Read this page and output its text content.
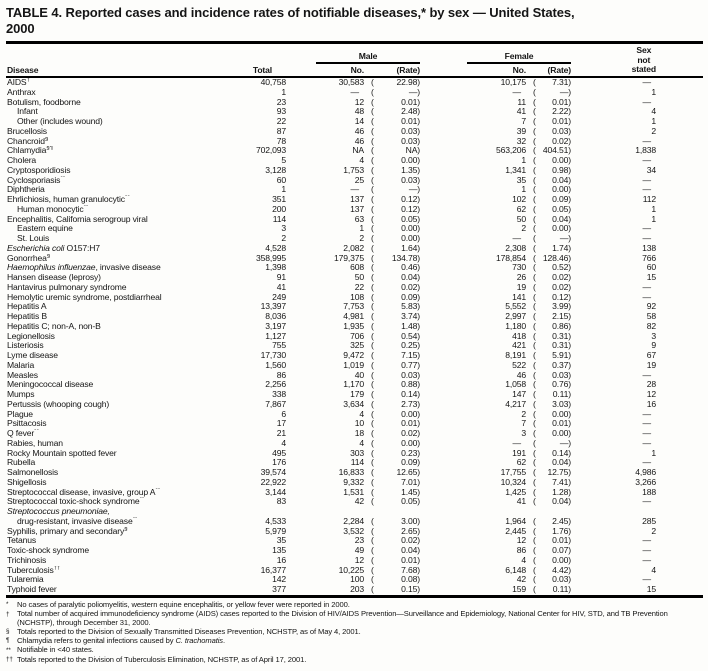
TABLE 4. Reported cases and incidence rates of notifiable diseases,* by sex — United States,
2000
Disease	Total	Male		Female		Sex
not
stated	

		No.	(Rate)	No.	(Rate)		
AIDS†	40,758	30,583	( 22.98)	10,175	( 7.31)	—	
Anthrax	1	—	( —)	—	( —)	1	
Botulism, foodborne	23	12	( 0.01)	11	( 0.01)	—	
Infant	93	48	( 2.48)	41	( 2.22)	4	
Other (includes wound)	22	14	( 0.01)	7	( 0.01)	1	
Brucellosis	87	46	( 0.03)	39	( 0.03)	2	
Chancroid§	78	46	( 0.03)	32	( 0.02)	—	
Chlamydia§¶	702,093	NA	( NA)	563,206	( 404.51)	1,838	
Cholera	5	4	( 0.00)	1	( 0.00)	—	
Cryptosporidiosis	3,128	1,753	( 1.35)	1,341	( 0.98)	34	
Cyclosporiasis**	60	25	( 0.03)	35	( 0.04)	—	
Diphtheria	1	—	( —)	1	( 0.00)	—	
Ehrlichiosis, human granulocytic**	351	137	( 0.12)	102	( 0.09)	112	
Human monocytic**	200	137	( 0.12)	62	( 0.05)	1	
Encephalitis, California serogroup viral	114	63	( 0.05)	50	( 0.04)	1	
Eastern equine	3	1	( 0.00)	2	( 0.00)	—	
St. Louis	2	2	( 0.00)	—	( —)	—	
Escherichia coli O157:H7	4,528	2,082	( 1.64)	2,308	( 1.74)	138	
Gonorrhea§	358,995	179,375	( 134.78)	178,854	( 128.46)	766	
Haemophilus influenzae, invasive disease	1,398	608	( 0.46)	730	( 0.52)	60	
Hansen disease (leprosy)	91	50	( 0.04)	26	( 0.02)	15	
Hantavirus pulmonary syndrome	41	22	( 0.02)	19	( 0.02)	—	
Hemolytic uremic syndrome, postdiarrheal	249	108	( 0.09)	141	( 0.12)	—	
Hepatitis A	13,397	7,753	( 5.83)	5,552	( 3.99)	92	
Hepatitis B	8,036	4,981	( 3.74)	2,997	( 2.15)	58	
Hepatitis C; non-A, non-B	3,197	1,935	( 1.48)	1,180	( 0.86)	82	
Legionellosis	1,127	706	( 0.54)	418	( 0.31)	3	
Listeriosis	755	325	( 0.25)	421	( 0.31)	9	
Lyme disease	17,730	9,472	( 7.15)	8,191	( 5.91)	67	
Malaria	1,560	1,019	( 0.77)	522	( 0.37)	19	
Measles	86	40	( 0.03)	46	( 0.03)	—	
Meningococcal disease	2,256	1,170	( 0.88)	1,058	( 0.76)	28	
Mumps	338	179	( 0.14)	147	( 0.11)	12	
Pertussis (whooping cough)	7,867	3,634	( 2.73)	4,217	( 3.03)	16	
Plague	6	4	( 0.00)	2	( 0.00)	—	
Psittacosis	17	10	( 0.01)	7	( 0.01)	—	
Q fever**	21	18	( 0.02)	3	( 0.00)	—	
Rabies, human	4	4	( 0.00)	—	( —)	—	
Rocky Mountain spotted fever	495	303	( 0.23)	191	( 0.14)	1	
Rubella	176	114	( 0.09)	62	( 0.04)	—	
Salmonellosis	39,574	16,833	( 12.65)	17,755	( 12.75)	4,986	
Shigellosis	22,922	9,332	( 7.01)	10,324	( 7.41)	3,266	
Streptococcal disease, invasive, group A**	3,144	1,531	( 1.45)	1,425	( 1.28)	188	
Streptococcal toxic-shock syndrome**	83	42	( 0.05)	41	( 0.04)	—	
Streptococcus pneumoniae,							
drug-resistant, invasive disease**	4,533	2,284	( 3.00)	1,964	( 2.45)	285	
Syphilis, primary and secondary§	5,979	3,532	( 2.65)	2,445	( 1.76)	2	
Tetanus	35	23	( 0.02)	12	( 0.01)	—	
Toxic-shock syndrome	135	49	( 0.04)	86	( 0.07)	—	
Trichinosis	16	12	( 0.01)	4	( 0.00)	—	
Tuberculosis††	16,377	10,225	( 7.68)	6,148	( 4.42)	4	
Tularemia	142	100	( 0.08)	42	( 0.03)	—	
Typhoid fever	377	203	( 0.15)	159	( 0.11)	15	
*	No cases of paralytic poliomyelitis, western equine encephalitis, or yellow fever were reported in 2000.
† Total number of acquired immunodeficiency syndrome (AIDS) cases reported to the Division of HIV/AIDS Prevention—Surveillance and Epidemiology, National Center for HIV, STD, and TB Prevention (NCHSTP), through December 31, 2000.
§ Totals reported to the Division of Sexually Transmitted Diseases Prevention, NCHSTP, as of May 4, 2001.
¶	Chlamydia refers to genital infections caused by C. trachomatis.
** Notifiable in <40 states.
†† Totals reported to the Division of Tuberculosis Elimination, NCHSTP, as of April 17, 2001.
